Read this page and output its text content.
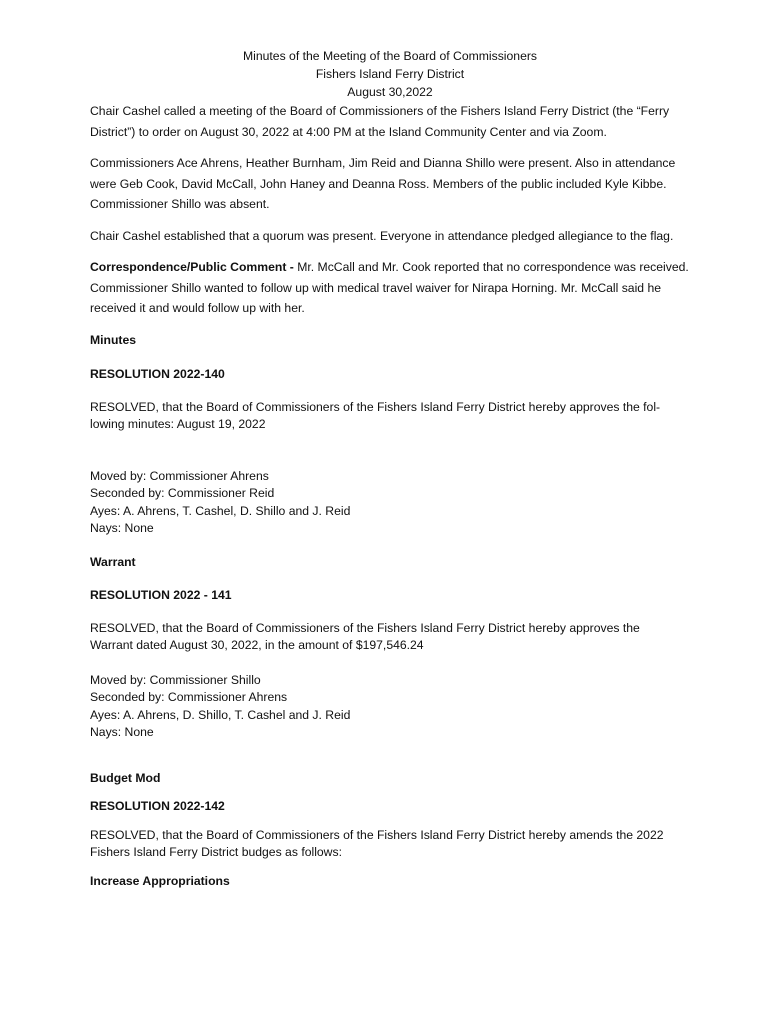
Minutes of the Meeting of the Board of Commissioners
Fishers Island Ferry District
August 30,2022

Chair Cashel called a meeting of the Board of Commissioners of the Fishers Island Ferry District (the “Ferry District”) to order on August 30, 2022 at 4:00 PM at the Island Community Center and via Zoom.

Commissioners Ace Ahrens, Heather Burnham, Jim Reid and Dianna Shillo were present. Also in attendance were Geb Cook, David McCall, John Haney and Deanna Ross. Members of the public included Kyle Kibbe. Commissioner Shillo was absent.

Chair Cashel established that a quorum was present. Everyone in attendance pledged allegiance to the flag.

Correspondence/Public Comment - Mr. McCall and Mr. Cook reported that no correspondence was received. Commissioner Shillo wanted to follow up with medical travel waiver for Nirapa Horning. Mr. McCall said he received it and would follow up with her.

Minutes

RESOLUTION 2022-140

RESOLVED, that the Board of Commissioners of the Fishers Island Ferry District hereby approves the fol-
lowing minutes: August 19, 2022

Moved by: Commissioner Ahrens
Seconded by: Commissioner Reid
Ayes: A. Ahrens, T. Cashel, D. Shillo and J. Reid
Nays: None

Warrant

RESOLUTION 2022 - 141

RESOLVED, that the Board of Commissioners of the Fishers Island Ferry District hereby approves the
Warrant dated August 30, 2022, in the amount of $197,546.24

Moved by: Commissioner Shillo
Seconded by: Commissioner Ahrens
Ayes: A. Ahrens, D. Shillo, T. Cashel and J. Reid
Nays: None

Budget Mod

RESOLUTION 2022-142

RESOLVED, that the Board of Commissioners of the Fishers Island Ferry District hereby amends the 2022
Fishers Island Ferry District budges as follows:

Increase Appropriations
